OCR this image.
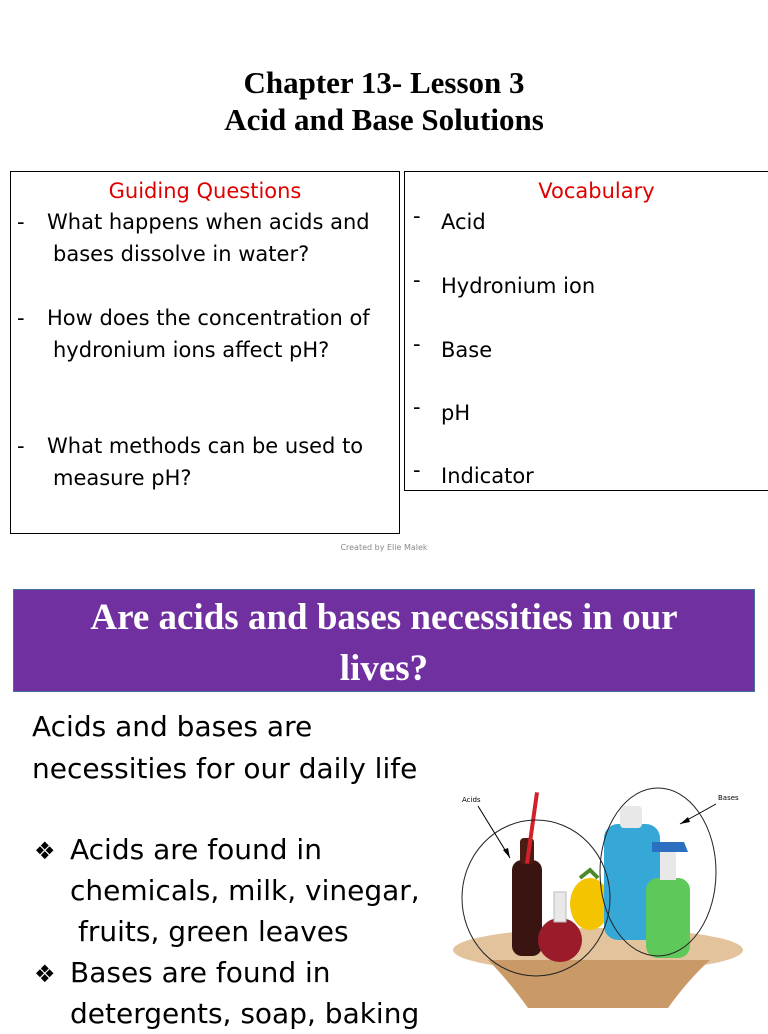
Chapter 13- Lesson 3
Acid and Base Solutions
Guiding Questions
- What happens when acids and
bases dissolve in water?
- How does the concentration of
hydronium ions affect pH?
- What methods can be used to
measure pH?
Vocabulary
- Acid
- Hydronium ion
- Base
- pH
- Indicator
Created by Elie Malek
Are acids and bases necessities in our
lives?
Acids and bases are
necessities for our daily life
❖ Acids are found in
chemicals, milk, vinegar,
fruits, green leaves
❖ Bases are found in
detergents, soap, baking
Acids	Bases
